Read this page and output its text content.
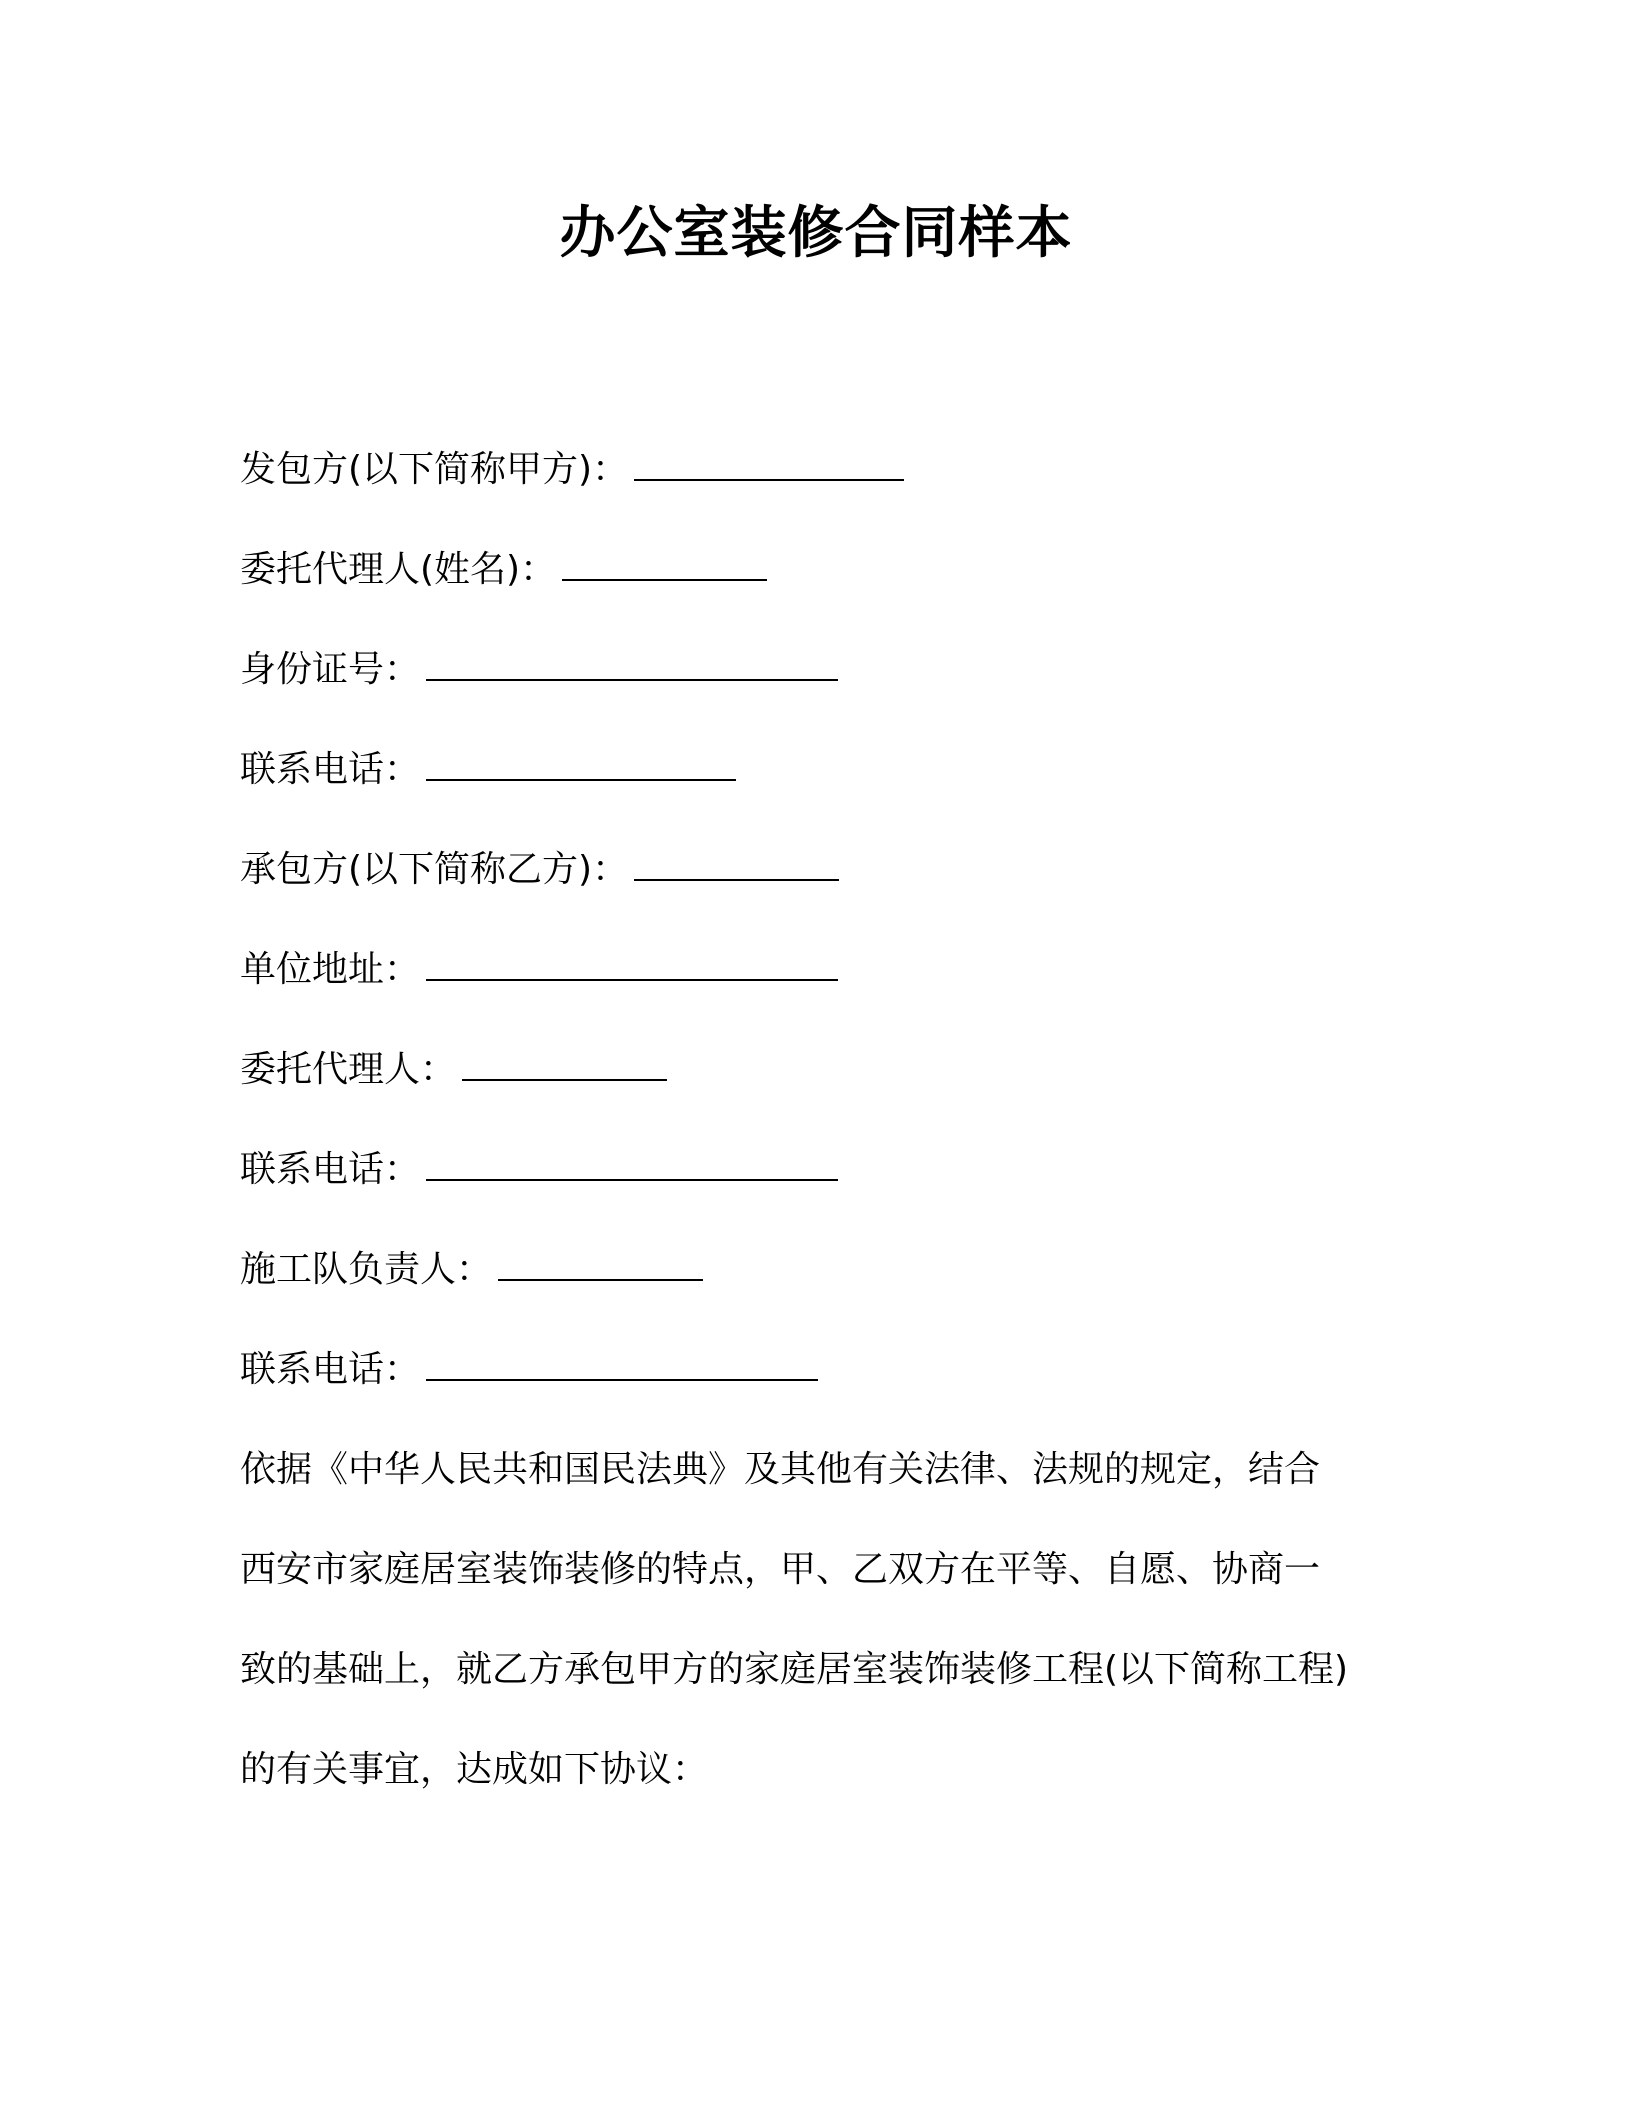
办公室装修合同样本
发包方(以下简称甲方)：
委托代理人(姓名)：
身份证号：
联系电话：
承包方(以下简称乙方)：
单位地址：
委托代理人：
联系电话：
施工队负责人：
联系电话：
依据《中华人民共和国民法典》及其他有关法律、法规的规定，结合
西安市家庭居室装饰装修的特点，甲、乙双方在平等、自愿、协商一
致的基础上，就乙方承包甲方的家庭居室装饰装修工程(以下简称工程)
的有关事宜，达成如下协议：
